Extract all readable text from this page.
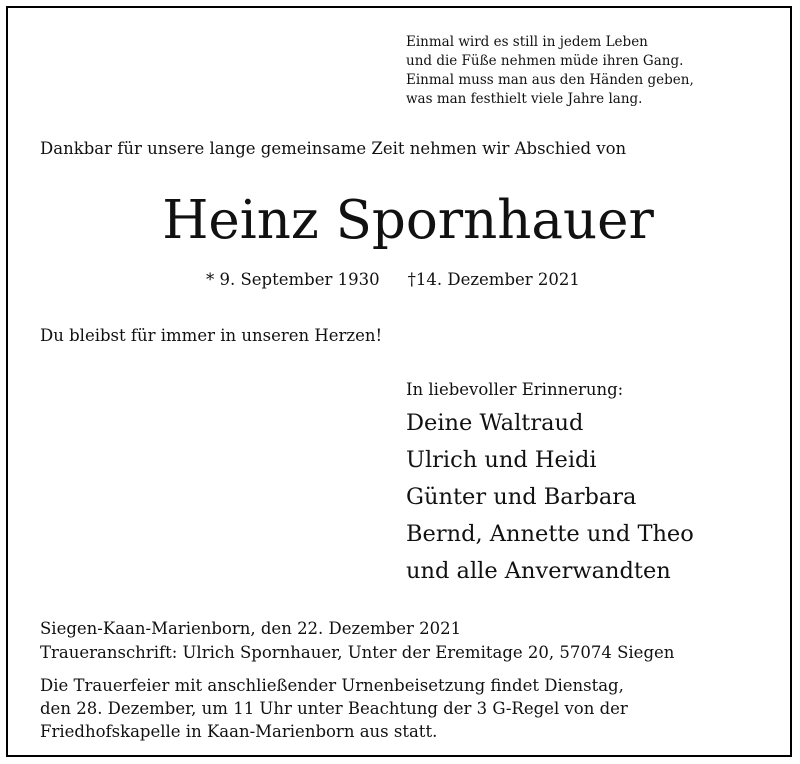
Einmal wird es still in jedem Leben
und die Füße nehmen müde ihren Gang.
Einmal muss man aus den Händen geben,
was man festhielt viele Jahre lang.
Dankbar für unsere lange gemeinsame Zeit nehmen wir Abschied von
Heinz Spornhauer
* 9. September 1930 †14. Dezember 2021
Du bleibst für immer in unseren Herzen!
In liebevoller Erinnerung:
Deine Waltraud
Ulrich und Heidi
Günter und Barbara
Bernd, Annette und Theo
und alle Anverwandten
Siegen-Kaan-Marienborn, den 22. Dezember 2021
Traueranschrift: Ulrich Spornhauer, Unter der Eremitage 20, 57074 Siegen
Die Trauerfeier mit anschließender Urnenbeisetzung findet Dienstag,
den 28. Dezember, um 11 Uhr unter Beachtung der 3 G-Regel von der
Friedhofskapelle in Kaan-Marienborn aus statt.
